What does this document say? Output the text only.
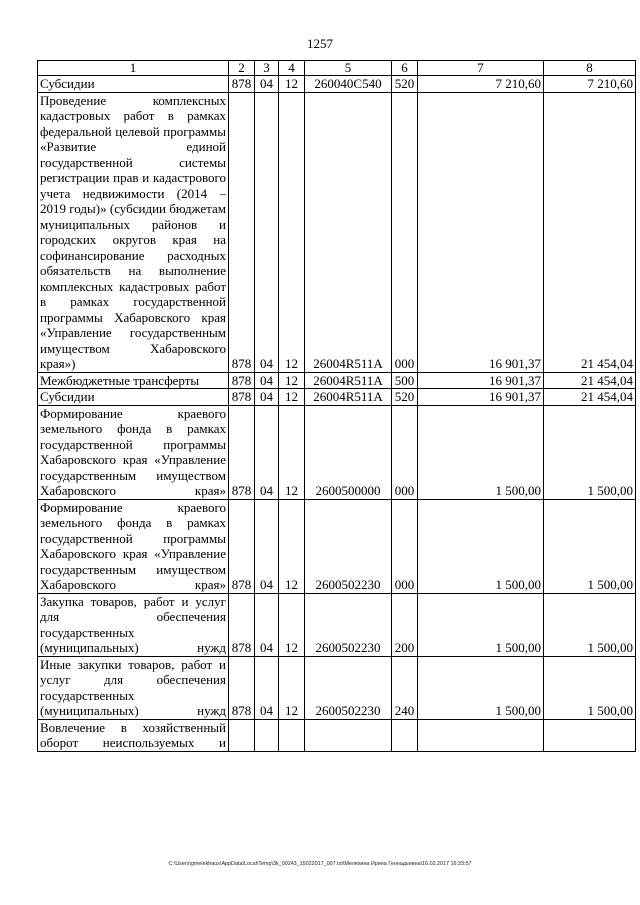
1257
1	2	3	4	5	6	7	8
Субсидии	878	04	12	260040C540	520	7 210,60	7 210,60
Проведение комплексных кадастровых работ в рамках федеральной целевой программы «Развитие единой государственной системы регистрации прав и кадастрового учета недвижимости (2014 – 2019 годы)» (субсидии бюджетам муниципальных районов и городских округов края на софинансирование расходных обязательств на выполнение комплексных кадастровых работ в рамках государственной программы Хабаровского края «Управление государственным имуществом Хабаровского края»)	878	04	12	26004R511A	000	16 901,37	21 454,04
Межбюджетные трансферты	878	04	12	26004R511A	500	16 901,37	21 454,04
Субсидии	878	04	12	26004R511A	520	16 901,37	21 454,04
Формирование краевого земельного фонда в рамках государственной программы Хабаровского края «Управление государственным имуществом Хабаровского края»	878	04	12	2600500000	000	1 500,00	1 500,00
Формирование краевого земельного фонда в рамках государственной программы Хабаровского края «Управление государственным имуществом Хабаровского края»	878	04	12	2600502230	000	1 500,00	1 500,00
Закупка товаров, работ и услуг для обеспечения государственных (муниципальных) нужд	878	04	12	2600502230	200	1 500,00	1 500,00
Иные закупки товаров, работ и услуг для обеспечения государственных (муниципальных) нужд	878	04	12	2600502230	240	1 500,00	1 500,00
Вовлечение в хозяйственный оборот неиспользуемых и							
C:\Users\gmelekhaus\AppData\Local\Temp\3k_00243_15022017_007.txt\Мелехина Ирина Геннадьевна\16.02.2017 16:33:57
